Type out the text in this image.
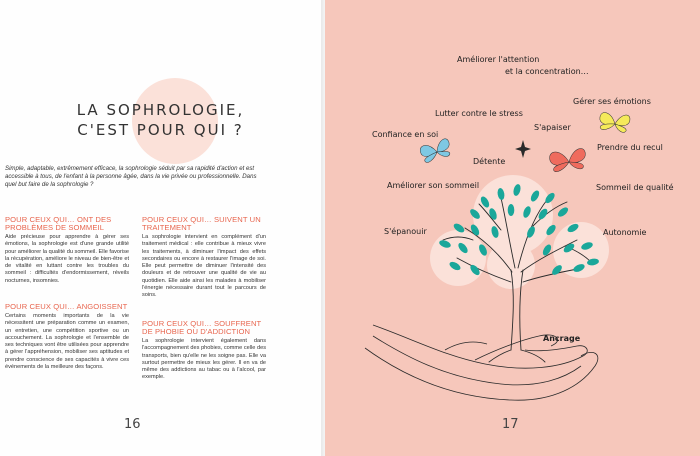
LA SOPHROLOGIE,
C'EST POUR QUI ?

Simple, adaptable, extrêmement efficace, la sophrologie séduit par sa rapidité d'action et est accessible à tous, de l'enfant à la personne âgée, dans la vie privée ou professionnelle. Dans quel but faire de la sophrologie ?

POUR CEUX QUI… ONT DES PROBLÈMES DE SOMMEIL

Aide précieuse pour apprendre à gérer ses émotions, la sophrologie est d'une grande utilité pour améliorer la qualité du sommeil. Elle favorise la récupération, améliore le niveau de bien-être et de vitalité en luttant contre les troubles du sommeil : difficultés d'endormissement, réveils nocturnes, insomnies.

POUR CEUX QUI… ANGOISSENT

Certains moments importants de la vie nécessitent une préparation comme un examen, un entretien, une compétition sportive ou un accouchement. La sophrologie et l'ensemble de ses techniques vont être utilisées pour apprendre à gérer l'appréhension, mobiliser ses aptitudes et prendre conscience de ses capacités à vivre ces événements de la meilleure des façons.

POUR CEUX QUI… SUIVENT UN TRAITEMENT

La sophrologie intervient en complément d'un traitement médical : elle contribue à mieux vivre les traitements, à diminuer l'impact des effets secondaires ou encore à restaurer l'image de soi. Elle peut permettre de diminuer l'intensité des douleurs et de retrouver une qualité de vie au quotidien. Elle aide ainsi les malades à mobiliser l'énergie nécessaire durant tout le parcours de soins.

POUR CEUX QUI… SOUFFRENT DE PHOBIE OU D'ADDICTION

La sophrologie intervient également dans l'accompagnement des phobies, comme celle des transports, bien qu'elle ne les soigne pas. Elle va surtout permettre de mieux les gérer. Il en va de même des addictions au tabac ou à l'alcool, par exemple.

16
Améliorer l'attention
et la concentration…
Gérer ses émotions
Lutter contre le stress
S'apaiser
Confiance en soi
Prendre du recul
Détente
Améliorer son sommeil	Sommeil de qualité
S'épanouir	Autonomie
Ancrage
17
